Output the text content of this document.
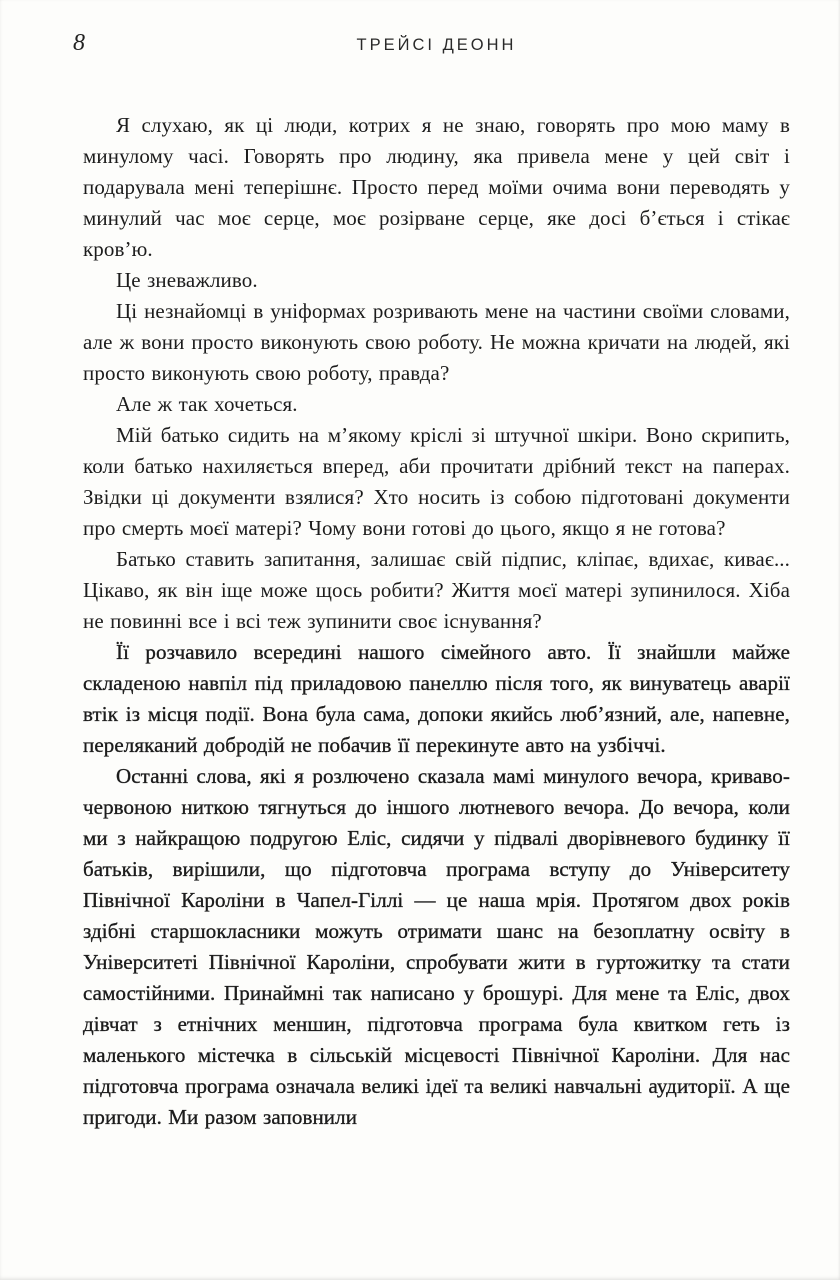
8	ТРЕЙСІ ДЕОНН

Я слухаю, як ці люди, котрих я не знаю, говорять про мою маму в минулому часі. Говорять про людину, яка привела мене у цей світ і подарувала мені теперішнє. Просто перед моїми очима вони переводять у минулий час моє серце, моє розірване серце, яке досі б’ється і стікає кров’ю.

Це зневажливо.

Ці незнайомці в уніформах розривають мене на частини своїми словами, але ж вони просто виконують свою роботу. Не можна кричати на людей, які просто виконують свою роботу, правда?

Але ж так хочеться.

Мій батько сидить на м’якому кріслі зі штучної шкіри. Воно скрипить, коли батько нахиляється вперед, аби прочитати дрібний текст на паперах. Звідки ці документи взялися? Хто носить із собою підготовані документи про смерть моєї матері? Чому вони готові до цього, якщо я не готова?

Батько ставить запитання, залишає свій підпис, кліпає, вдихає, киває... Цікаво, як він іще може щось робити? Життя моєї матері зупинилося. Хіба не повинні все і всі теж зупинити своє існування?

Її розчавило всередині нашого сімейного авто. Її знайшли майже складеною навпіл під приладовою панеллю після того, як винуватець аварії втік із місця події. Вона була сама, допоки якийсь люб’язний, але, напевне, переляканий добродій не побачив її перекинуте авто на узбіччі.

Останні слова, які я розлючено сказала мамі минулого вечора, криваво-червоною ниткою тягнуться до іншого лютневого вечора. До вечора, коли ми з найкращою подругою Еліс, сидячи у підвалі дворівневого будинку її батьків, вирішили, що підготовча програма вступу до Університету Північної Кароліни в Чапел-Гіллі — це наша мрія. Протягом двох років здібні старшокласники можуть отримати шанс на безоплатну освіту в Університеті Північної Кароліни, спробувати жити в гуртожитку та стати самостійними. Принаймні так написано у брошурі. Для мене та Еліс, двох дівчат з етнічних меншин, підготовча програма була квитком геть із маленького містечка в сільській місцевості Північної Кароліни. Для нас підготовча програма означала великі ідеї та великі навчальні аудиторії. А ще пригоди. Ми разом заповнили
